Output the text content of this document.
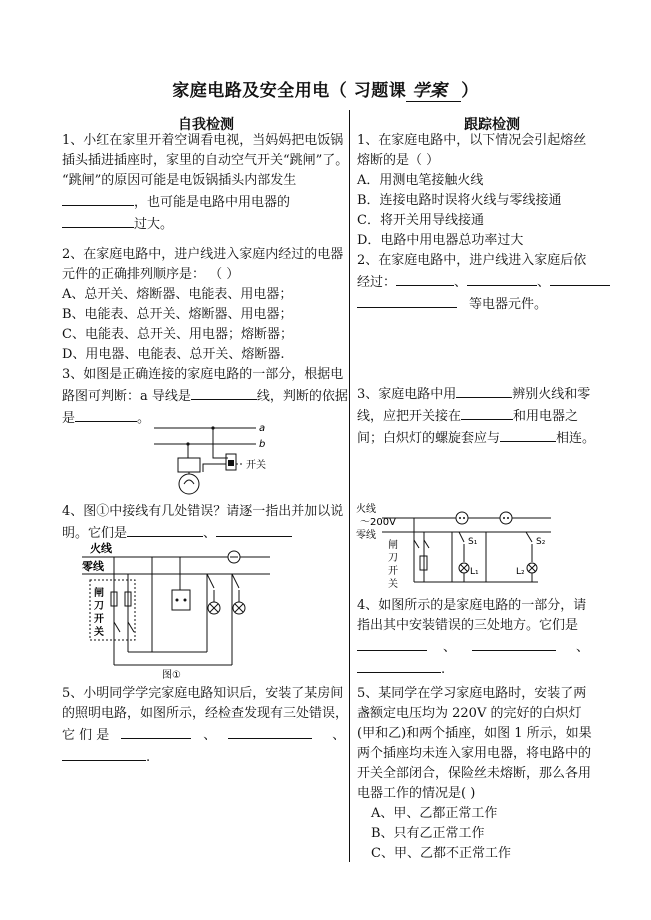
家庭电路及安全用电（ 习题课 学案 ）
自我检测	跟踪检测
1、小红在家里开着空调看电视，当妈妈把电饭锅
插头插进插座时，家里的自动空气开关“跳闸”了。
“跳闸”的原因可能是电饭锅插头内部发生
，也可能是电路中用电器的
过大。
2、在家庭电路中，进户线进入家庭内经过的电器
元件的正确排列顺序是： （ ）
A、总开关、熔断器、电能表、用电器；
B、电能表、总开关、熔断器、用电器；
C、电能表、总开关、用电器；熔断器；
D、用电器、电能表、总开关、熔断器.
3、如图是正确连接的家庭电路的一部分，根据电
路图可判断：a 导线是	线，判断的依据
是	。
a
b
开关
4、图①中接线有几处错误？请逐一指出并加以说
明。它们是	、
火线
零线
闸
刀
开
关
图①
5、小明同学学完家庭电路知识后，安装了某房间
的照明电路，如图所示，经检查发现有三处错误，
它 们 是	、	、
.
1、在家庭电路中，以下情况会引起熔丝
熔断的是（ ）
A．用测电笔接触火线
B．连接电路时误将火线与零线接通
C．将开关用导线接通
D．电路中用电器总功率过大
2、在家庭电路中，进户线进入家庭后依
经过：	、	、
等电器元件。
3、家庭电路中用	辨别火线和零
线，应把开关接在	和用电器之
间；白炽灯的螺旋套应与	相连。
火线
～200V
零线
闸
刀
开
关
S₁
L₁
S₂
L₂
4、如图所示的是家庭电路的一部分，请
指出其中安装错误的三处地方。它们是
、	、
.
5、某同学在学习家庭电路时，安装了两
盏额定电压均为 220V 的完好的白炽灯
(甲和乙)和两个插座，如图 1 所示，如果
两个插座均未连入家用电器，将电路中的
开关全部闭合，保险丝未熔断，那么各用
电器工作的情况是( )
A、甲、乙都正常工作
B、只有乙正常工作
C、甲、乙都不正常工作
